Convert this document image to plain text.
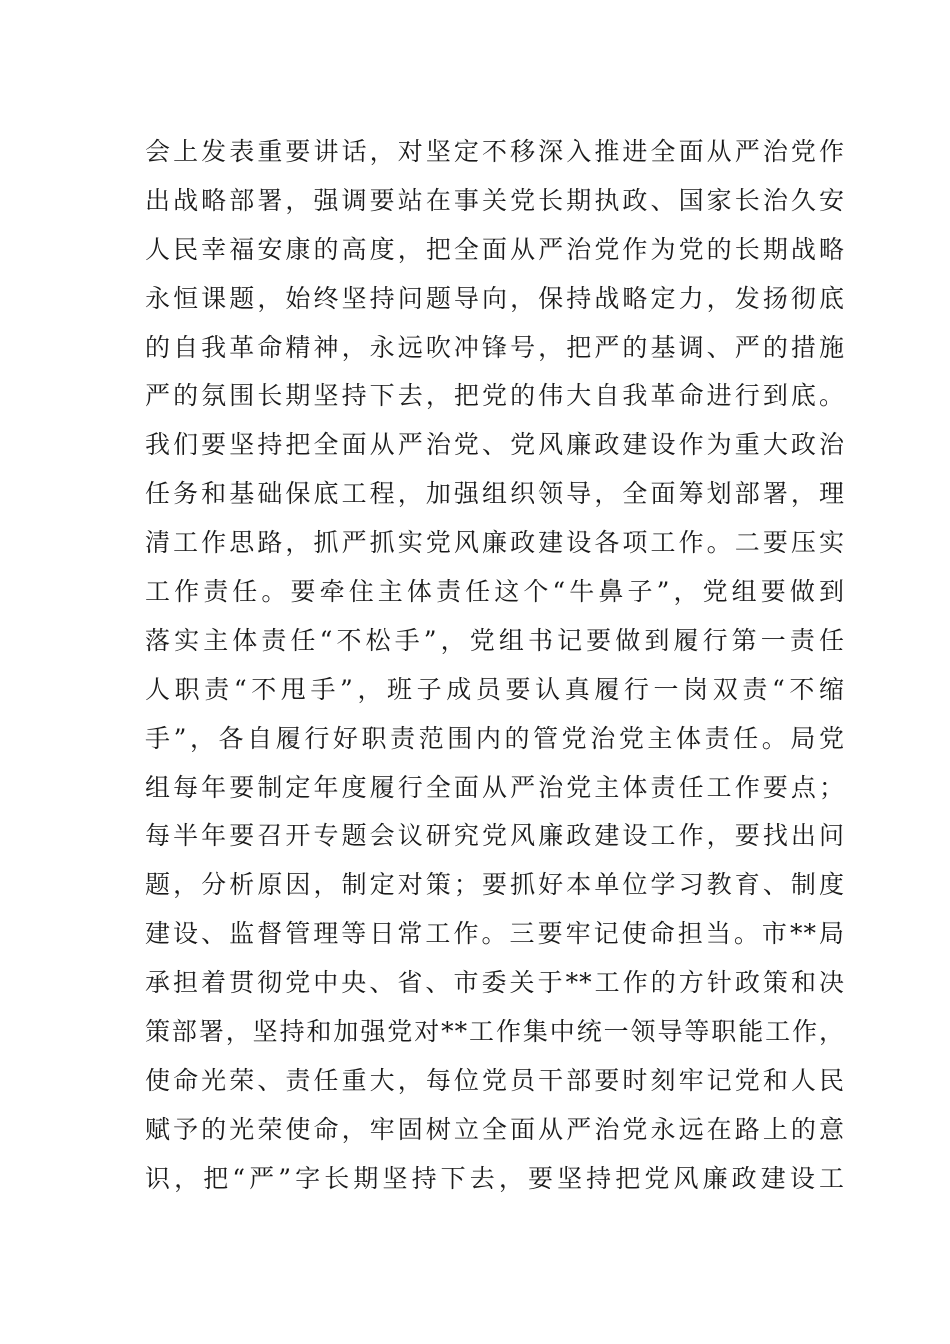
会上发表重要讲话，对坚定不移深入推进全面从严治党作
出战略部署，强调要站在事关党长期执政、国家长治久安
人民幸福安康的高度，把全面从严治党作为党的长期战略
永恒课题，始终坚持问题导向，保持战略定力，发扬彻底
的自我革命精神，永远吹冲锋号，把严的基调、严的措施
严的氛围长期坚持下去，把党的伟大自我革命进行到底。
我们要坚持把全面从严治党、党风廉政建设作为重大政治
任务和基础保底工程，加强组织领导，全面筹划部署，理
清工作思路，抓严抓实党风廉政建设各项工作。二要压实
工作责任。要牵住主体责任这个“牛鼻子”，党组要做到
落实主体责任“不松手”，党组书记要做到履行第一责任
人职责“不甩手”，班子成员要认真履行一岗双责“不缩
手”，各自履行好职责范围内的管党治党主体责任。局党
组每年要制定年度履行全面从严治党主体责任工作要点；
每半年要召开专题会议研究党风廉政建设工作，要找出问
题，分析原因，制定对策；要抓好本单位学习教育、制度
建设、监督管理等日常工作。三要牢记使命担当。市**局
承担着贯彻党中央、省、市委关于**工作的方针政策和决
策部署，坚持和加强党对**工作集中统一领导等职能工作，
使命光荣、责任重大，每位党员干部要时刻牢记党和人民
赋予的光荣使命，牢固树立全面从严治党永远在路上的意
识，把“严”字长期坚持下去，要坚持把党风廉政建设工
